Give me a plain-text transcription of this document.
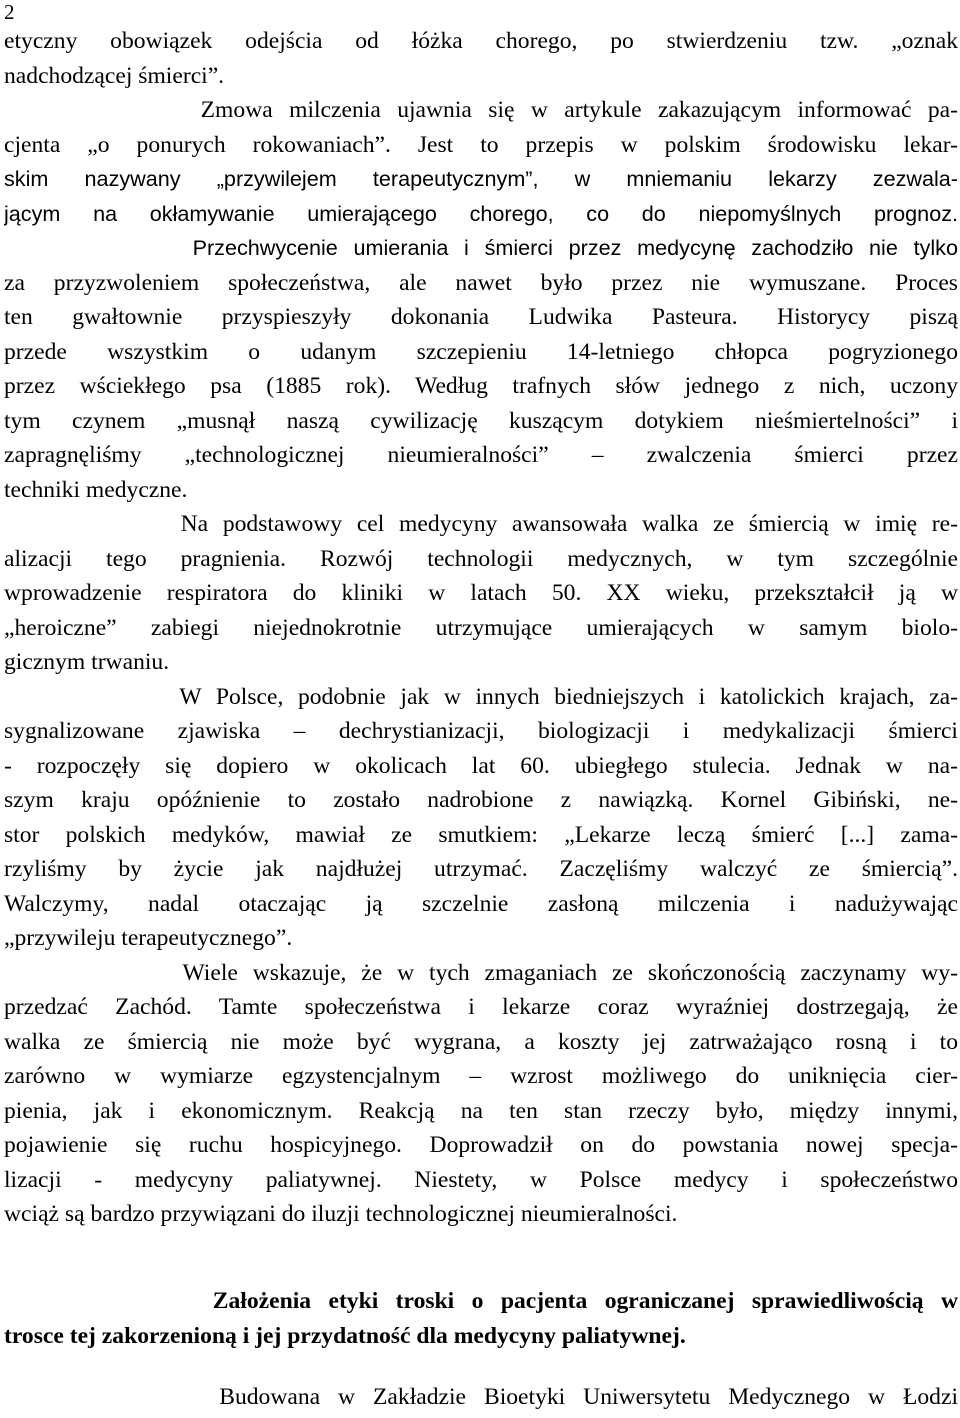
2

etyczny obowiązek odejścia od łóżka chorego, po stwierdzeniu tzw. „oznak
nadchodzącej śmierci”.
Zmowa milczenia ujawnia się w artykule zakazującym informować pa-
cjenta „o ponurych rokowaniach”. Jest to przepis w polskim środowisku lekar-
skim nazywany „przywilejem terapeutycznym”, w mniemaniu lekarzy zezwala-
jącym na okłamywanie umierającego chorego, co do niepomyślnych prognoz.
Przechwycenie umierania i śmierci przez medycynę zachodziło nie tylko
za przyzwoleniem społeczeństwa, ale nawet było przez nie wymuszane. Proces
ten gwałtownie przyspieszyły dokonania Ludwika Pasteura. Historycy piszą
przede wszystkim o udanym szczepieniu 14-letniego chłopca pogryzionego
przez wściekłego psa (1885 rok). Według trafnych słów jednego z nich, uczony
tym czynem „musnął naszą cywilizację kuszącym dotykiem nieśmiertelności” i
zapragnęliśmy „technologicznej nieumieralności” – zwalczenia śmierci przez
techniki medyczne.
Na podstawowy cel medycyny awansowała walka ze śmiercią w imię re-
alizacji tego pragnienia. Rozwój technologii medycznych, w tym szczególnie
wprowadzenie respiratora do kliniki w latach 50. XX wieku, przekształcił ją w
„heroiczne” zabiegi niejednokrotnie utrzymujące umierających w samym biolo-
gicznym trwaniu.
W Polsce, podobnie jak w innych biedniejszych i katolickich krajach, za-
sygnalizowane zjawiska – dechrystianizacji, biologizacji i medykalizacji śmierci
- rozpoczęły się dopiero w okolicach lat 60. ubiegłego stulecia. Jednak w na-
szym kraju opóźnienie to zostało nadrobione z nawiązką. Kornel Gibiński, ne-
stor polskich medyków, mawiał ze smutkiem: „Lekarze leczą śmierć [...] zama-
rzyliśmy by życie jak najdłużej utrzymać. Zaczęliśmy walczyć ze śmiercią”.
Walczymy, nadal otaczając ją szczelnie zasłoną milczenia i nadużywając
„przywileju terapeutycznego”.
Wiele wskazuje, że w tych zmaganiach ze skończonością zaczynamy wy-
przedzać Zachód. Tamte społeczeństwa i lekarze coraz wyraźniej dostrzegają, że
walka ze śmiercią nie może być wygrana, a koszty jej zatrważająco rosną i to
zarówno w wymiarze egzystencjalnym – wzrost możliwego do uniknięcia cier-
pienia, jak i ekonomicznym. Reakcją na ten stan rzeczy było, między innymi,
pojawienie się ruchu hospicyjnego. Doprowadził on do powstania nowej specja-
lizacji - medycyny paliatywnej. Niestety, w Polsce medycy i społeczeństwo
wciąż są bardzo przywiązani do iluzji technologicznej nieumieralności.
Założenia etyki troski o pacjenta ograniczanej sprawiedliwością w
trosce tej zakorzenioną i jej przydatność dla medycyny paliatywnej.
Budowana w Zakładzie Bioetyki Uniwersytetu Medycznego w Łodzi
